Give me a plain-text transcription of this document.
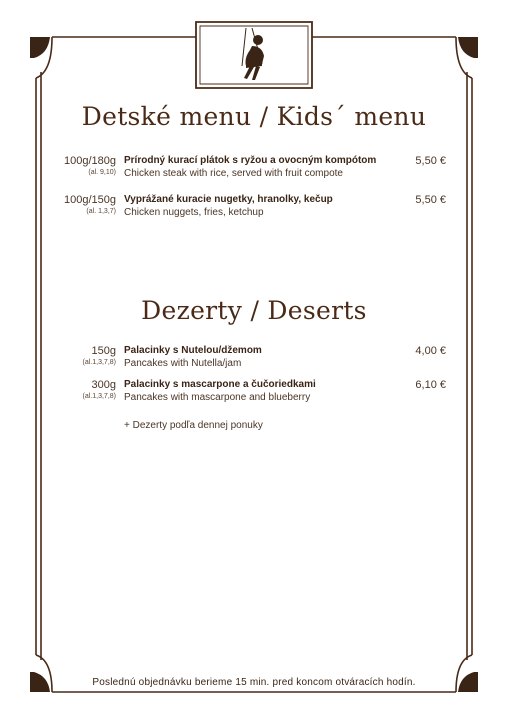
Detské menu / Kids´ menu
100g/180g
(al. 9,10)
Prírodný kurací plátok s ryžou a ovocným kompótom
Chicken steak with rice, served with fruit compote
5,50 €
100g/150g
(al. 1,3,7)
Vyprážané kuracie nugetky, hranolky, kečup
Chicken nuggets, fries, ketchup
5,50 €
Dezerty / Deserts
150g
(al.1,3,7,8)
Palacinky s Nutelou/džemom
Pancakes with Nutella/jam
4,00 €
300g
(al.1,3,7,8)
Palacinky s mascarpone a čučoriedkami
Pancakes with mascarpone and blueberry
6,10 €
+ Dezerty podľa dennej ponuky
Poslednú objednávku berieme 15 min. pred koncom otváracích hodín.
